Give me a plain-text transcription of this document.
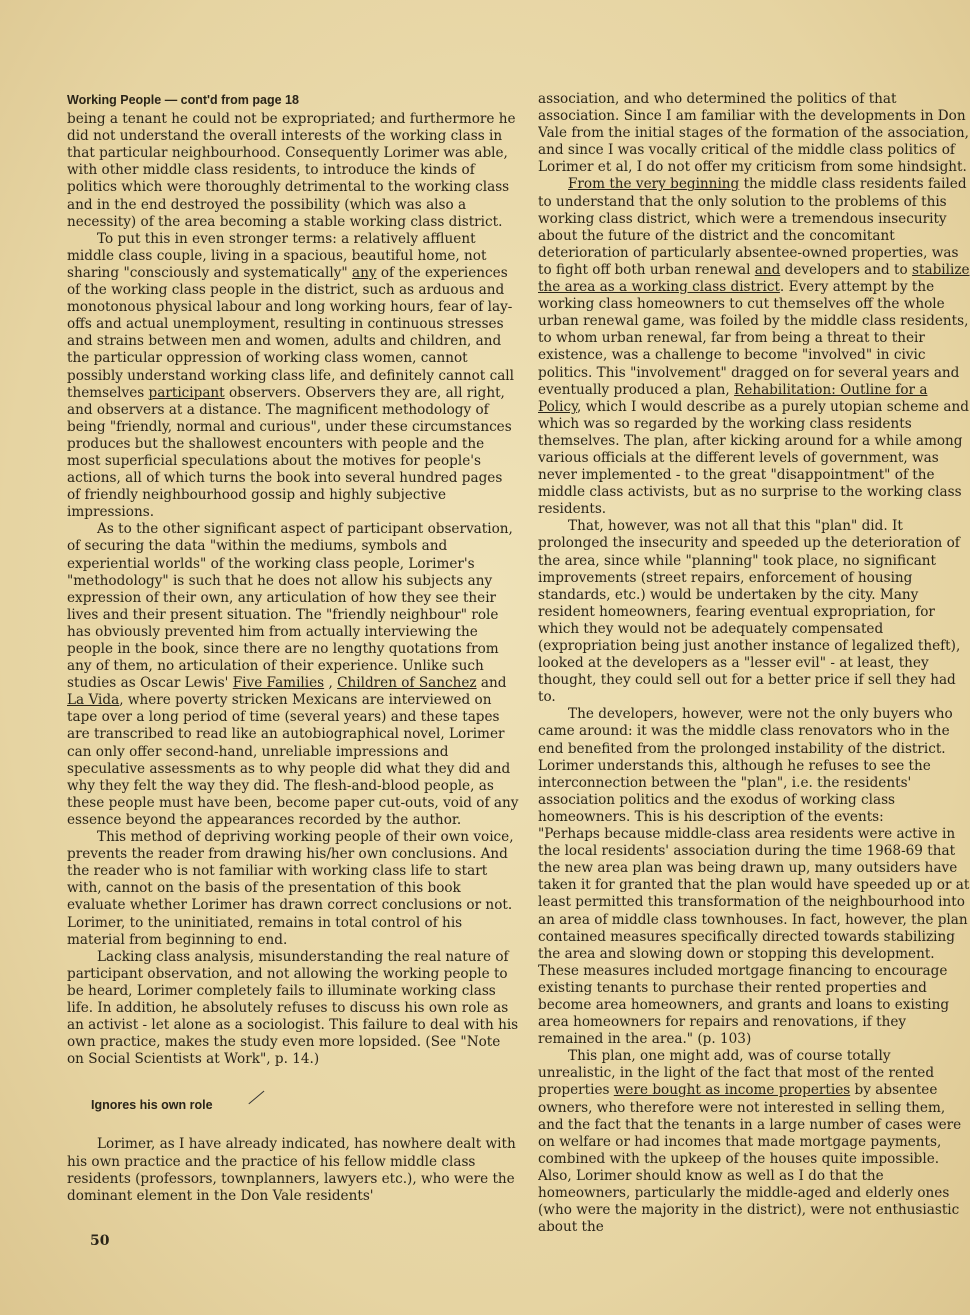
Working People — cont'd from page 18

being a tenant he could not be expropriated; and furthermore he did not understand the overall interests of the working class in that particular neighbourhood. Consequently Lorimer was able, with other middle class residents, to introduce the kinds of politics which were thoroughly detrimental to the working class and in the end destroyed the possibility (which was also a necessity) of the area becoming a stable working class district.

To put this in even stronger terms: a relatively affluent middle class couple, living in a spacious, beautiful home, not sharing "consciously and systematically" any of the experiences of the working class people in the district, such as arduous and monotonous physical labour and long working hours, fear of lay-offs and actual unemployment, resulting in continuous stresses and strains between men and women, adults and children, and the particular oppression of working class women, cannot possibly understand working class life, and definitely cannot call themselves participant observers. Observers they are, all right, and observers at a distance. The magnificent methodology of being "friendly, normal and curious", under these circumstances produces but the shallowest encounters with people and the most superficial speculations about the motives for people's actions, all of which turns the book into several hundred pages of friendly neighbourhood gossip and highly subjective impressions.

As to the other significant aspect of participant observation, of securing the data "within the mediums, symbols and experiential worlds" of the working class people, Lorimer's "methodology" is such that he does not allow his subjects any expression of their own, any articulation of how they see their lives and their present situation. The "friendly neighbour" role has obviously prevented him from actually interviewing the people in the book, since there are no lengthy quotations from any of them, no articulation of their experience. Unlike such studies as Oscar Lewis' Five Families , Children of Sanchez and La Vida, where poverty stricken Mexicans are interviewed on tape over a long period of time (several years) and these tapes are transcribed to read like an autobiographical novel, Lorimer can only offer second-hand, unreliable impressions and speculative assessments as to why people did what they did and why they felt the way they did. The flesh-and-blood people, as these people must have been, become paper cut-outs, void of any essence beyond the appearances recorded by the author.

This method of depriving working people of their own voice, prevents the reader from drawing his/her own conclusions. And the reader who is not familiar with working class life to start with, cannot on the basis of the presentation of this book evaluate whether Lorimer has drawn correct conclusions or not. Lorimer, to the uninitiated, remains in total control of his material from beginning to end.

Lacking class analysis, misunderstanding the real nature of participant observation, and not allowing the working people to be heard, Lorimer completely fails to illuminate working class life. In addition, he absolutely refuses to discuss his own role as an activist - let alone as a sociologist. This failure to deal with his own practice, makes the study even more lopsided. (See "Note on Social Scientists at Work", p. 14.)

Ignores his own role

Lorimer, as I have already indicated, has nowhere dealt with his own practice and the practice of his fellow middle class residents (professors, townplanners, lawyers etc.), who were the dominant element in the Don Vale residents'

association, and who determined the politics of that association. Since I am familiar with the developments in Don Vale from the initial stages of the formation of the association, and since I was vocally critical of the middle class politics of Lorimer et al, I do not offer my criticism from some hindsight.

From the very beginning the middle class residents failed to understand that the only solution to the problems of this working class district, which were a tremendous insecurity about the future of the district and the concomitant deterioration of particularly absentee-owned properties, was to fight off both urban renewal and developers and to stabilize the area as a working class district. Every attempt by the working class homeowners to cut themselves off the whole urban renewal game, was foiled by the middle class residents, to whom urban renewal, far from being a threat to their existence, was a challenge to become "involved" in civic politics. This "involvement" dragged on for several years and eventually produced a plan, Rehabilitation: Outline for a Policy, which I would describe as a purely utopian scheme and which was so regarded by the working class residents themselves. The plan, after kicking around for a while among various officials at the different levels of government, was never implemented - to the great "disappointment" of the middle class activists, but as no surprise to the working class residents.

That, however, was not all that this "plan" did. It prolonged the insecurity and speeded up the deterioration of the area, since while "planning" took place, no significant improvements (street repairs, enforcement of housing standards, etc.) would be undertaken by the city. Many resident homeowners, fearing eventual expropriation, for which they would not be adequately compensated (expropriation being just another instance of legalized theft), looked at the developers as a "lesser evil" - at least, they thought, they could sell out for a better price if sell they had to.

The developers, however, were not the only buyers who came around: it was the middle class renovators who in the end benefited from the prolonged instability of the district. Lorimer understands this, although he refuses to see the interconnection between the "plan", i.e. the residents' association politics and the exodus of working class homeowners. This is his description of the events:

"Perhaps because middle-class area residents were active in the local residents' association during the time 1968-69 that the new area plan was being drawn up, many outsiders have taken it for granted that the plan would have speeded up or at least permitted this transformation of the neighbourhood into an area of middle class townhouses. In fact, however, the plan contained measures specifically directed towards stabilizing the area and slowing down or stopping this development. These measures included mortgage financing to encourage existing tenants to purchase their rented properties and become area homeowners, and grants and loans to existing area homeowners for repairs and renovations, if they remained in the area." (p. 103)

This plan, one might add, was of course totally unrealistic, in the light of the fact that most of the rented properties were bought as income properties by absentee owners, who therefore were not interested in selling them, and the fact that the tenants in a large number of cases were on welfare or had incomes that made mortgage payments, combined with the upkeep of the houses quite impossible. Also, Lorimer should know as well as I do that the homeowners, particularly the middle-aged and elderly ones (who were the majority in the district), were not enthusiastic about the

50
